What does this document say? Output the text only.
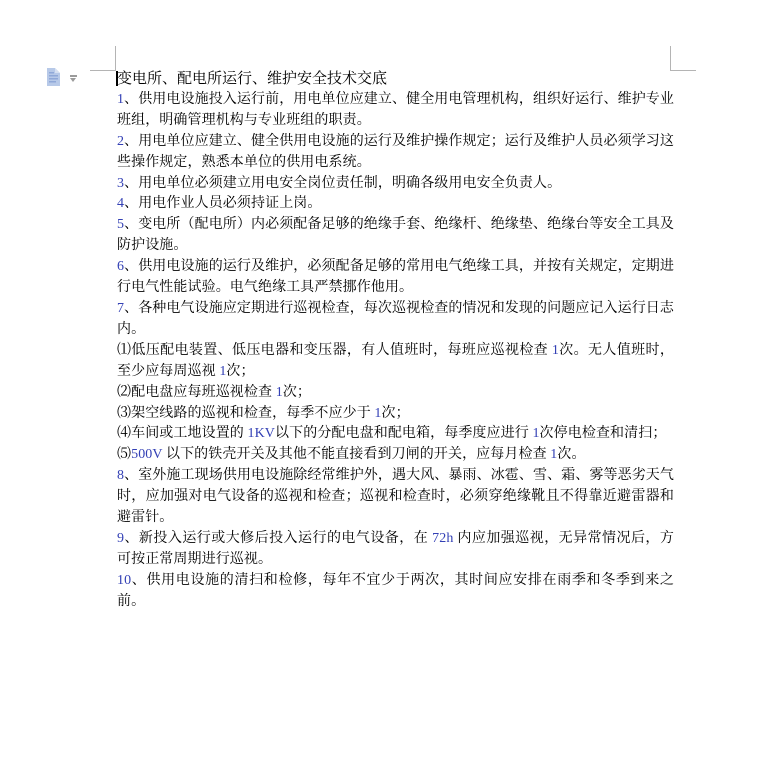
变电所、配电所运行、维护安全技术交底

1、供用电设施投入运行前，用电单位应建立、健全用电管理机构，组织好运行、维护专业班组，明确管理机构与专业班组的职责。

2、用电单位应建立、健全供用电设施的运行及维护操作规定；运行及维护人员必须学习这些操作规定，熟悉本单位的供用电系统。

3、用电单位必须建立用电安全岗位责任制，明确各级用电安全负责人。

4、用电作业人员必须持证上岗。

5、变电所（配电所）内必须配备足够的绝缘手套、绝缘杆、绝缘垫、绝缘台等安全工具及防护设施。

6、供用电设施的运行及维护，必须配备足够的常用电气绝缘工具，并按有关规定，定期进行电气性能试验。电气绝缘工具严禁挪作他用。

7、各种电气设施应定期进行巡视检查，每次巡视检查的情况和发现的问题应记入运行日志内。

⑴低压配电装置、低压电器和变压器，有人值班时，每班应巡视检查 1次。无人值班时，至少应每周巡视 1次；

⑵配电盘应每班巡视检查 1次；

⑶架空线路的巡视和检查，每季不应少于 1次；

⑷车间或工地设置的 1KV以下的分配电盘和配电箱，每季度应进行 1次停电检查和清扫；

⑸500V 以下的铁壳开关及其他不能直接看到刀闸的开关，应每月检查 1次。

8、室外施工现场供用电设施除经常维护外，遇大风、暴雨、冰雹、雪、霜、雾等恶劣天气时，应加强对电气设备的巡视和检查；巡视和检查时，必须穿绝缘靴且不得靠近避雷器和避雷针。

9、新投入运行或大修后投入运行的电气设备，在 72h 内应加强巡视，无异常情况后，方可按正常周期进行巡视。

10、供用电设施的清扫和检修，每年不宜少于两次，其时间应安排在雨季和冬季到来之前。
